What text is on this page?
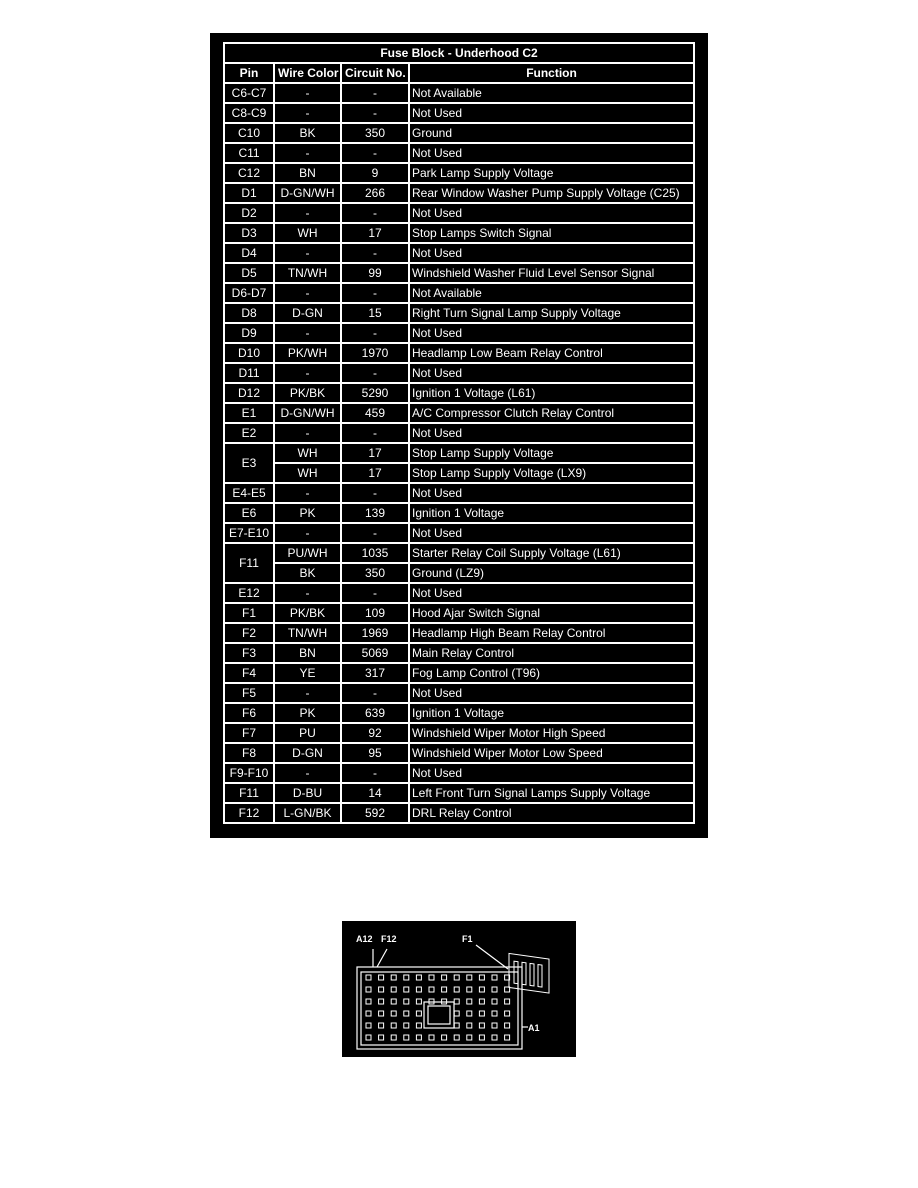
Fuse Block - Underhood C2			
Pin	Wire Color	Circuit No.	Function
C6-C7	-	-	Not Available
C8-C9	-	-	Not Used
C10	BK	350	Ground
C11	-	-	Not Used
C12	BN	9	Park Lamp Supply Voltage
D1	D-GN/WH	266	Rear Window Washer Pump Supply Voltage (C25)
D2	-	-	Not Used
D3	WH	17	Stop Lamps Switch Signal
D4	-	-	Not Used
D5	TN/WH	99	Windshield Washer Fluid Level Sensor Signal
D6-D7	-	-	Not Available
D8	D-GN	15	Right Turn Signal Lamp Supply Voltage
D9	-	-	Not Used
D10	PK/WH	1970	Headlamp Low Beam Relay Control
D11	-	-	Not Used
D12	PK/BK	5290	Ignition 1 Voltage (L61)
E1	D-GN/WH	459	A/C Compressor Clutch Relay Control
E2	-	-	Not Used
E3	WH	17	Stop Lamp Supply Voltage
	WH	17	Stop Lamp Supply Voltage (LX9)
E4-E5	-	-	Not Used
E6	PK	139	Ignition 1 Voltage
E7-E10	-	-	Not Used
F11	PU/WH	1035	Starter Relay Coil Supply Voltage (L61)
	BK	350	Ground (LZ9)
E12	-	-	Not Used
F1	PK/BK	109	Hood Ajar Switch Signal
F2	TN/WH	1969	Headlamp High Beam Relay Control
F3	BN	5069	Main Relay Control
F4	YE	317	Fog Lamp Control (T96)
F5	-	-	Not Used
F6	PK	639	Ignition 1 Voltage
F7	PU	92	Windshield Wiper Motor High Speed
F8	D-GN	95	Windshield Wiper Motor Low Speed
F9-F10	-	-	Not Used
F11	D-BU	14	Left Front Turn Signal Lamps Supply Voltage
F12	L-GN/BK	592	DRL Relay Control
A12 F12	F1
A1
